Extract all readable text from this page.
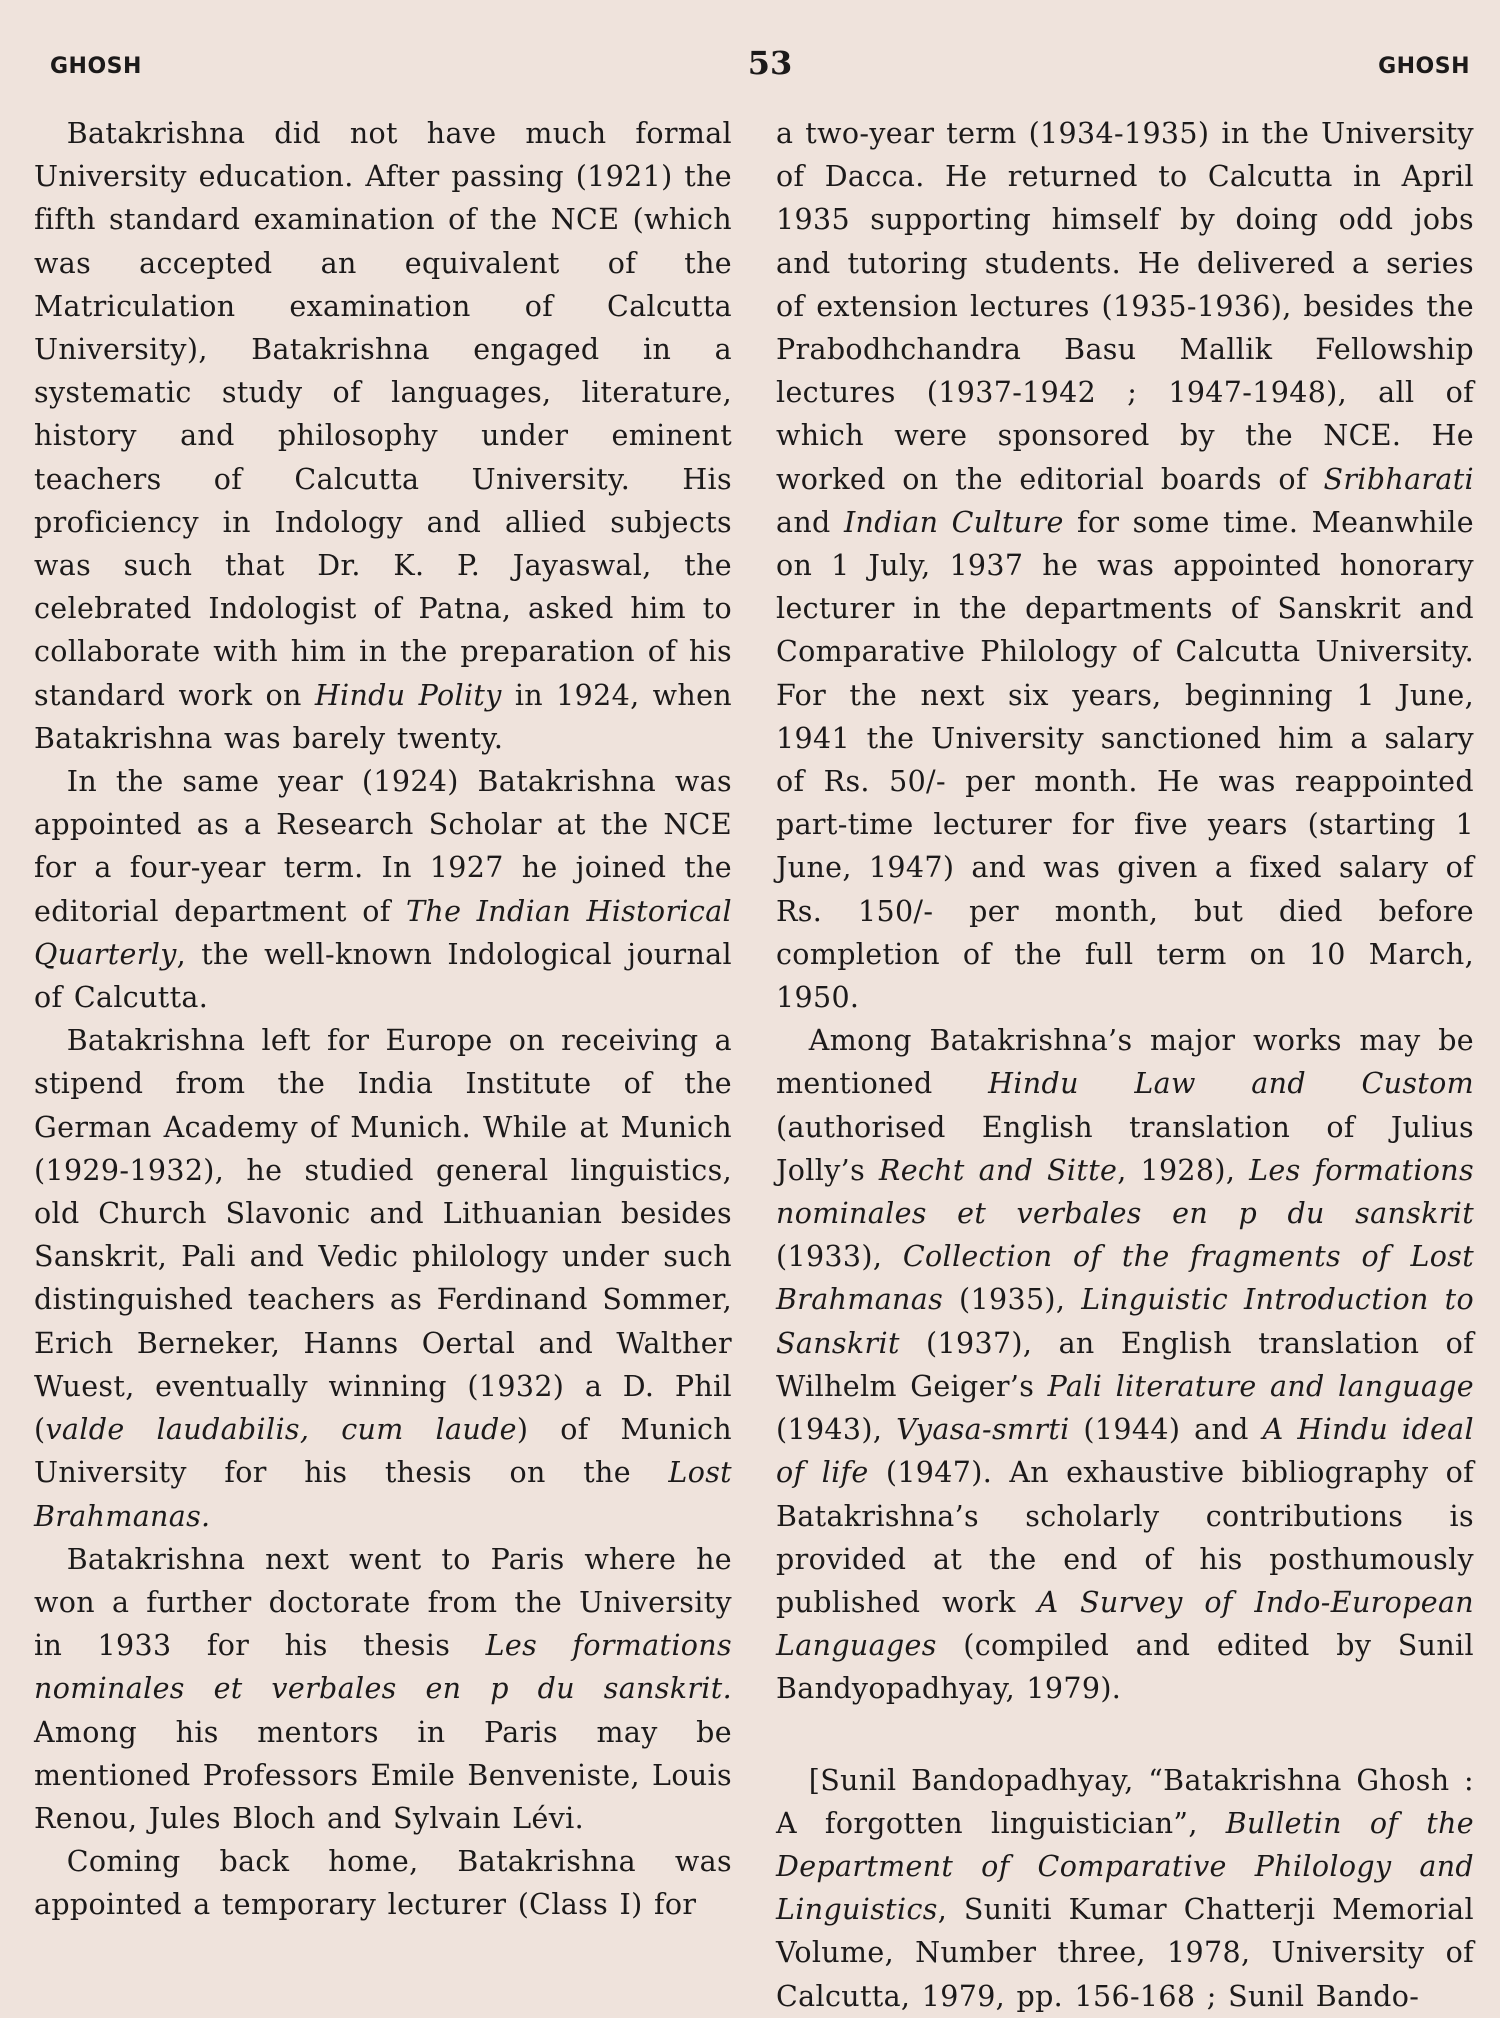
GHOSH	53	GHOSH

Batakrishna did not have much formal University education. After passing (1921) the fifth standard examination of the NCE (which was accepted an equivalent of the Matriculation examination of Calcutta University), Batakrishna engaged in a systematic study of languages, literature, history and philosophy under eminent teachers of Calcutta University. His proficiency in Indology and allied subjects was such that Dr. K. P. Jayaswal, the celebrated Indologist of Patna, asked him to collaborate with him in the preparation of his standard work on Hindu Polity in 1924, when Batakrishna was barely twenty.

In the same year (1924) Batakrishna was appointed as a Research Scholar at the NCE for a four-year term. In 1927 he joined the editorial department of The Indian Historical Quarterly, the well-known Indological journal of Calcutta.

Batakrishna left for Europe on receiving a stipend from the India Institute of the German Academy of Munich. While at Munich (1929-1932), he studied general linguistics, old Church Slavonic and Lithuanian besides Sanskrit, Pali and Vedic philology under such distinguished teachers as Ferdinand Sommer, Erich Berneker, Hanns Oertal and Walther Wuest, eventually winning (1932) a D. Phil (valde laudabilis, cum laude) of Munich University for his thesis on the Lost Brahmanas.

Batakrishna next went to Paris where he won a further doctorate from the University in 1933 for his thesis Les formations nominales et verbales en p du sanskrit. Among his mentors in Paris may be mentioned Professors Emile Benveniste, Louis Renou, Jules Bloch and Sylvain Lévi.

Coming back home, Batakrishna was appointed a temporary lecturer (Class I) for

a two-year term (1934-1935) in the University of Dacca. He returned to Calcutta in April 1935 supporting himself by doing odd jobs and tutoring students. He delivered a series of extension lectures (1935-1936), besides the Prabodhchandra Basu Mallik Fellowship lectures (1937-1942 ; 1947-1948), all of which were sponsored by the NCE. He worked on the editorial boards of Sribharati and Indian Culture for some time. Meanwhile on 1 July, 1937 he was appointed honorary lecturer in the departments of Sanskrit and Comparative Philology of Calcutta University. For the next six years, beginning 1 June, 1941 the University sanctioned him a salary of Rs. 50/- per month. He was reappointed part-time lecturer for five years (starting 1 June, 1947) and was given a fixed salary of Rs. 150/- per month, but died before completion of the full term on 10 March, 1950.

Among Batakrishna’s major works may be mentioned Hindu Law and Custom (authorised English translation of Julius Jolly’s Recht and Sitte, 1928), Les formations nominales et verbales en p du sanskrit (1933), Collection of the fragments of Lost Brahmanas (1935), Linguistic Introduction to Sanskrit (1937), an English translation of Wilhelm Geiger’s Pali literature and language (1943), Vyasa-smrti (1944) and A Hindu ideal of life (1947). An exhaustive bibliography of Batakrishna’s scholarly contributions is provided at the end of his posthumously published work A Survey of Indo-European Languages (compiled and edited by Sunil Bandyopadhyay, 1979).

[Sunil Bandopadhyay, “Batakrishna Ghosh : A forgotten linguistician”, Bulletin of the Department of Comparative Philology and Linguistics, Suniti Kumar Chatterji Memorial Volume, Number three, 1978, University of Calcutta, 1979, pp. 156-168 ; Sunil Bando-
